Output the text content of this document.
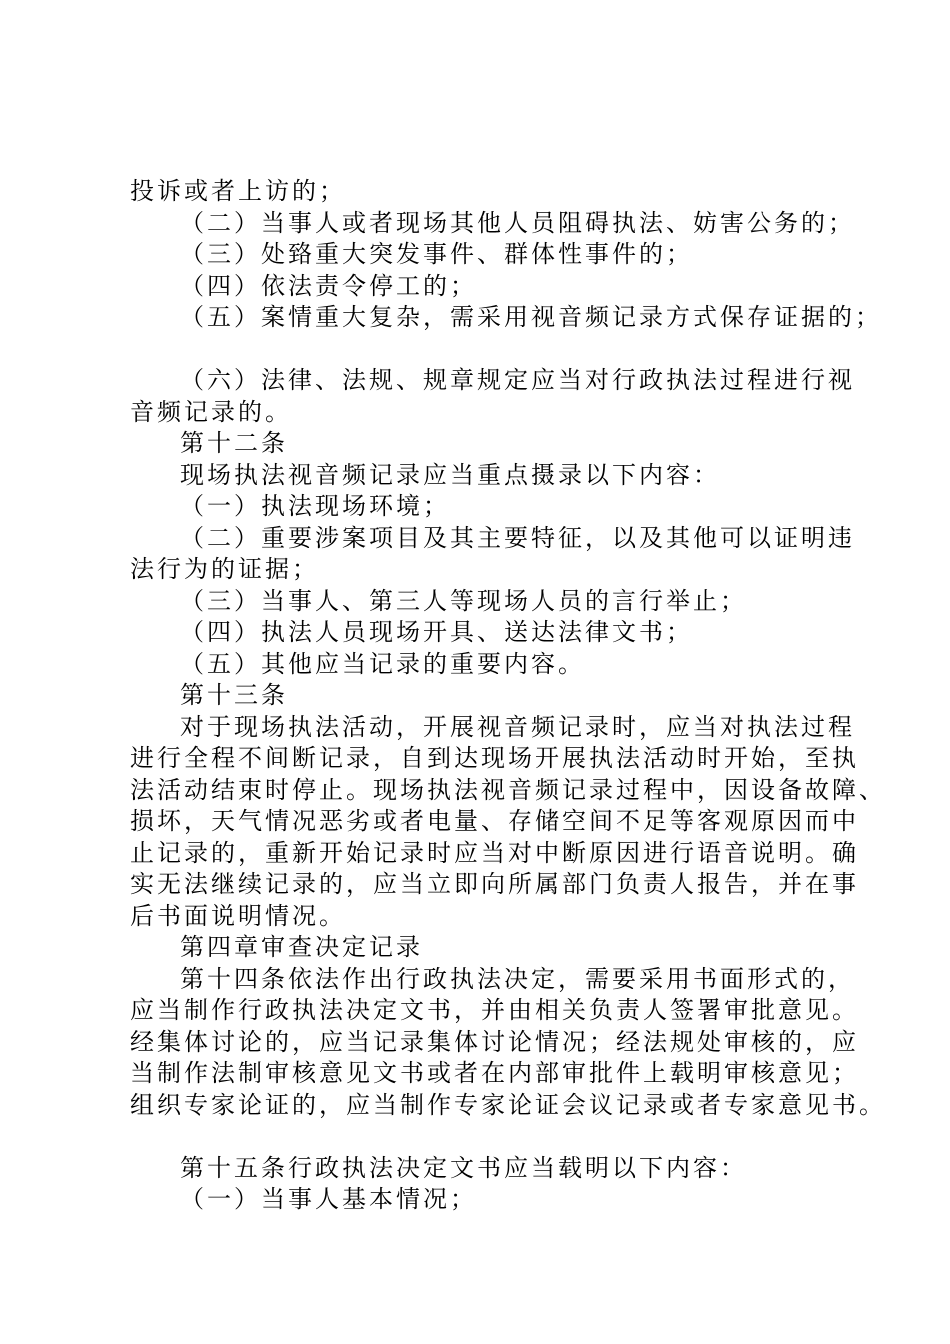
投诉或者上访的；
（二）当事人或者现场其他人员阻碍执法、妨害公务的；
（三）处臵重大突发事件、群体性事件的；
（四）依法责令停工的；
（五）案情重大复杂，需采用视音频记录方式保存证据的；
（六）法律、法规、规章规定应当对行政执法过程进行视
音频记录的。
第十二条
现场执法视音频记录应当重点摄录以下内容：
（一）执法现场环境；
（二）重要涉案项目及其主要特征，以及其他可以证明违
法行为的证据；
（三）当事人、第三人等现场人员的言行举止；
（四）执法人员现场开具、送达法律文书；
（五）其他应当记录的重要内容。
第十三条
对于现场执法活动，开展视音频记录时，应当对执法过程
进行全程不间断记录，自到达现场开展执法活动时开始，至执
法活动结束时停止。现场执法视音频记录过程中，因设备故障、
损坏，天气情况恶劣或者电量、存储空间不足等客观原因而中
止记录的，重新开始记录时应当对中断原因进行语音说明。确
实无法继续记录的，应当立即向所属部门负责人报告，并在事
后书面说明情况。
第四章审查决定记录
第十四条依法作出行政执法决定，需要采用书面形式的，
应当制作行政执法决定文书，并由相关负责人签署审批意见。
经集体讨论的，应当记录集体讨论情况；经法规处审核的，应
当制作法制审核意见文书或者在内部审批件上载明审核意见；
组织专家论证的，应当制作专家论证会议记录或者专家意见书。
第十五条行政执法决定文书应当载明以下内容：
（一）当事人基本情况；
